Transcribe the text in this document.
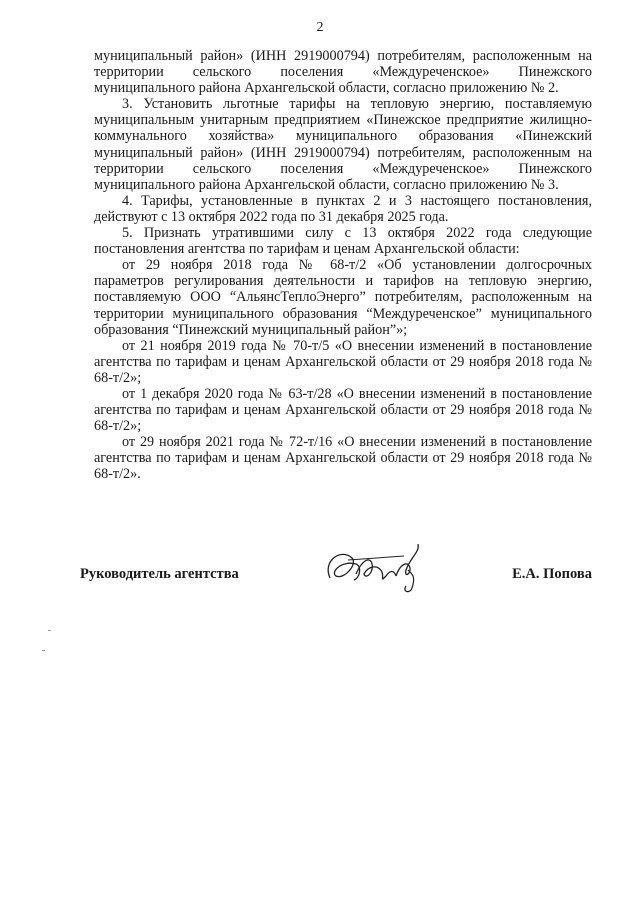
2

муниципальный район» (ИНН 2919000794) потребителям, расположенным на территории сельского поселения «Междуреченское» Пинежского муниципального района Архангельской области, согласно приложению № 2.

3. Установить льготные тарифы на тепловую энергию, поставляемую муниципальным унитарным предприятием «Пинежское предприятие жилищно-коммунального хозяйства» муниципального образования «Пинежский муниципальный район» (ИНН 2919000794) потребителям, расположенным на территории сельского поселения «Междуреченское» Пинежского муниципального района Архангельской области, согласно приложению № 3.

4. Тарифы, установленные в пунктах 2 и 3 настоящего постановления, действуют с 13 октября 2022 года по 31 декабря 2025 года.

5. Признать утратившими силу с 13 октября 2022 года следующие постановления агентства по тарифам и ценам Архангельской области:

от 29 ноября 2018 года № 68-т/2 «Об установлении долгосрочных параметров регулирования деятельности и тарифов на тепловую энергию, поставляемую ООО “АльянсТеплоЭнерго” потребителям, расположенным на территории муниципального образования “Междуреченское” муниципального образования “Пинежский муниципальный район”»;

от 21 ноября 2019 года № 70-т/5 «О внесении изменений в постановление агентства по тарифам и ценам Архангельской области от 29 ноября 2018 года № 68-т/2»;

от 1 декабря 2020 года № 63-т/28 «О внесении изменений в постановление агентства по тарифам и ценам Архангельской области от 29 ноября 2018 года № 68-т/2»;

от 29 ноября 2021 года № 72-т/16 «О внесении изменений в постановление агентства по тарифам и ценам Архангельской области от 29 ноября 2018 года № 68-т/2».

Руководитель агентства	Е.А. Попова
